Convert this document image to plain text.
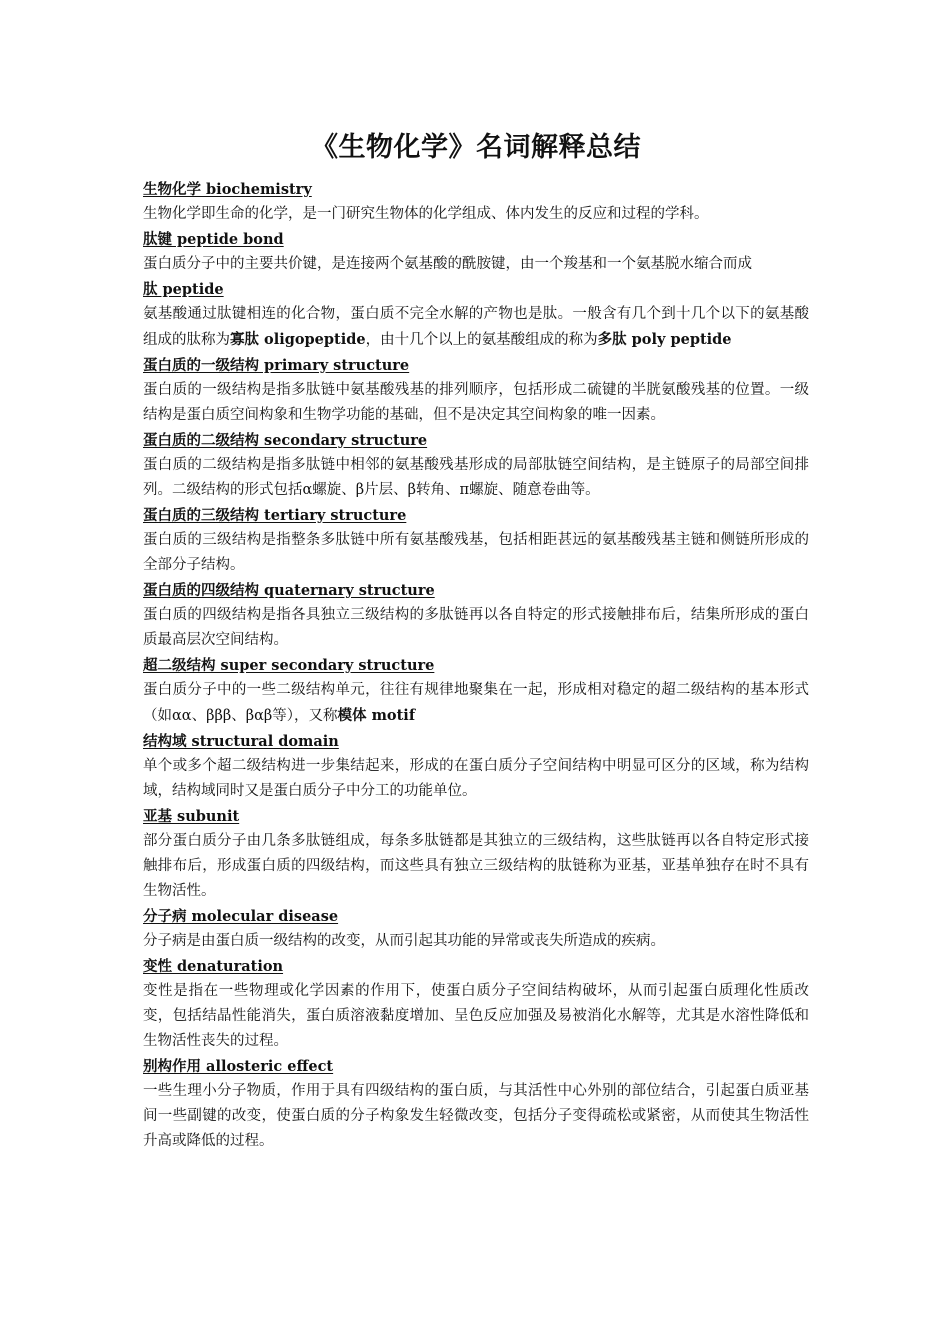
《生物化学》名词解释总结
生物化学 biochemistry
生物化学即生命的化学，是一门研究生物体的化学组成、体内发生的反应和过程的学科。
肽键 peptide bond
蛋白质分子中的主要共价键，是连接两个氨基酸的酰胺键，由一个羧基和一个氨基脱水缩合而成
肽 peptide
氨基酸通过肽键相连的化合物，蛋白质不完全水解的产物也是肽。一般含有几个到十几个以下的氨基酸组成的肽称为寡肽 oligopeptide，由十几个以上的氨基酸组成的称为多肽 poly peptide
蛋白质的一级结构 primary structure
蛋白质的一级结构是指多肽链中氨基酸残基的排列顺序，包括形成二硫键的半胱氨酸残基的位置。一级结构是蛋白质空间构象和生物学功能的基础，但不是决定其空间构象的唯一因素。
蛋白质的二级结构 secondary structure
蛋白质的二级结构是指多肽链中相邻的氨基酸残基形成的局部肽链空间结构，是主链原子的局部空间排列。二级结构的形式包括α螺旋、β片层、β转角、π螺旋、随意卷曲等。
蛋白质的三级结构 tertiary structure
蛋白质的三级结构是指整条多肽链中所有氨基酸残基，包括相距甚远的氨基酸残基主链和侧链所形成的全部分子结构。
蛋白质的四级结构 quaternary structure
蛋白质的四级结构是指各具独立三级结构的多肽链再以各自特定的形式接触排布后，结集所形成的蛋白质最高层次空间结构。
超二级结构 super secondary structure
蛋白质分子中的一些二级结构单元，往往有规律地聚集在一起，形成相对稳定的超二级结构的基本形式（如αα、βββ、βαβ等），又称模体 motif
结构域 structural domain
单个或多个超二级结构进一步集结起来，形成的在蛋白质分子空间结构中明显可区分的区域，称为结构域，结构域同时又是蛋白质分子中分工的功能单位。
亚基 subunit
部分蛋白质分子由几条多肽链组成，每条多肽链都是其独立的三级结构，这些肽链再以各自特定形式接触排布后，形成蛋白质的四级结构，而这些具有独立三级结构的肽链称为亚基，亚基单独存在时不具有生物活性。
分子病 molecular disease
分子病是由蛋白质一级结构的改变，从而引起其功能的异常或丧失所造成的疾病。
变性 denaturation
变性是指在一些物理或化学因素的作用下，使蛋白质分子空间结构破坏，从而引起蛋白质理化性质改变，包括结晶性能消失，蛋白质溶液黏度增加、呈色反应加强及易被消化水解等，尤其是水溶性降低和生物活性丧失的过程。
别构作用 allosteric effect
一些生理小分子物质，作用于具有四级结构的蛋白质，与其活性中心外别的部位结合，引起蛋白质亚基间一些副键的改变，使蛋白质的分子构象发生轻微改变，包括分子变得疏松或紧密，从而使其生物活性升高或降低的过程。
